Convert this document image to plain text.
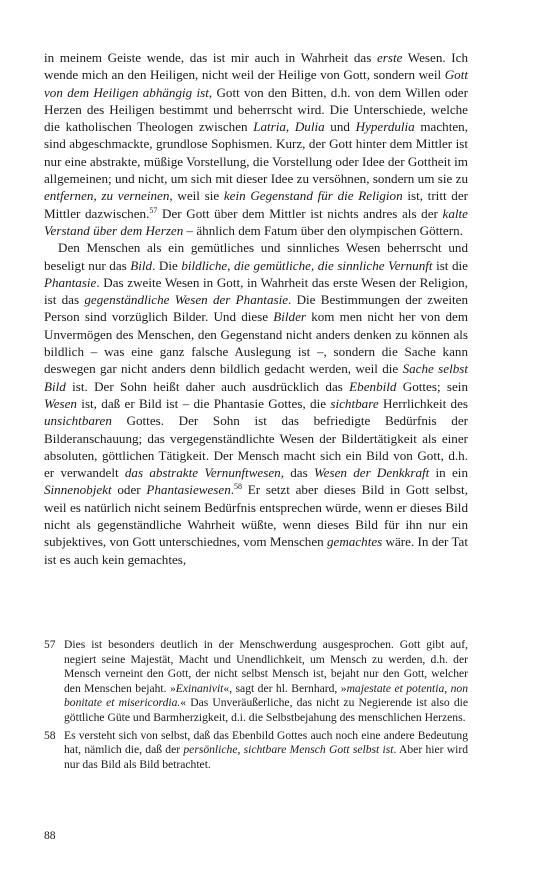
in meinem Geiste wende, das ist mir auch in Wahrheit das erste Wesen. Ich wende mich an den Heiligen, nicht weil der Heilige von Gott, sondern weil Gott von dem Heiligen abhängig ist, Gott von den Bitten, d.h. von dem Willen oder Herzen des Heiligen bestimmt und beherrscht wird. Die Unterschiede, welche die katholischen Theologen zwischen Latria, Dulia und Hyperdulia machten, sind abgeschmackte, grundlose Sophismen. Kurz, der Gott hinter dem Mittler ist nur eine abstrakte, müßige Vorstellung, die Vorstellung oder Idee der Gottheit im allgemeinen; und nicht, um sich mit dieser Idee zu versöhnen, sondern um sie zu entfernen, zu verneinen, weil sie kein Gegenstand für die Religion ist, tritt der Mittler dazwischen.$^{57}$ Der Gott über dem Mittler ist nichts andres als der kalte Verstand über dem Herzen – ähnlich dem Fatum über den olympischen Göttern.

Den Menschen als ein gemütliches und sinnliches Wesen beherrscht und beseligt nur das Bild. Die bildliche, die gemütliche, die sinnliche Vernunft ist die Phantasie. Das zweite Wesen in Gott, in Wahrheit das erste Wesen der Religion, ist das gegenständliche Wesen der Phantasie. Die Bestimmungen der zweiten Person sind vorzüglich Bilder. Und diese Bilder kom men nicht her von dem Unvermögen des Menschen, den Gegenstand nicht anders denken zu können als bildlich – was eine ganz falsche Auslegung ist –, sondern die Sache kann deswegen gar nicht anders denn bildlich gedacht werden, weil die Sache selbst Bild ist. Der Sohn heißt daher auch ausdrücklich das Ebenbild Gottes; sein Wesen ist, daß er Bild ist – die Phantasie Gottes, die sichtbare Herrlichkeit des unsichtbaren Gottes. Der Sohn ist das befriedigte Bedürfnis der Bilderanschauung; das vergegenständlichte Wesen der Bildertätigkeit als einer absoluten, göttlichen Tätigkeit. Der Mensch macht sich ein Bild von Gott, d.h. er verwandelt das abstrakte Vernunftwesen, das Wesen der Denkkraft in ein Sinnenobjekt oder Phantasiewesen.$^{58}$ Er setzt aber dieses Bild in Gott selbst, weil es natürlich nicht seinem Bedürfnis entsprechen würde, wenn er dieses Bild nicht als gegenständliche Wahrheit wüßte, wenn dieses Bild für ihn nur ein subjektives, von Gott unterschiednes, vom Menschen gemachtes wäre. In der Tat ist es auch kein gemachtes,

57 Dies ist besonders deutlich in der Menschwerdung ausgesprochen. Gott gibt auf, negiert seine Majestät, Macht und Unendlichkeit, um Mensch zu werden, d.h. der Mensch verneint den Gott, der nicht selbst Mensch ist, bejaht nur den Gott, welcher den Menschen bejaht. »Exinanivit«, sagt der hl. Bernhard, »majestate et potentia, non bonitate et misericordia.« Das Unveräußerliche, das nicht zu Negierende ist also die göttliche Güte und Barmherzigkeit, d.i. die Selbstbejahung des menschlichen Herzens.
58 Es versteht sich von selbst, daß das Ebenbild Gottes auch noch eine andere Bedeutung hat, nämlich die, daß der persönliche, sichtbare Mensch Gott selbst ist. Aber hier wird nur das Bild als Bild betrachtet.
88
